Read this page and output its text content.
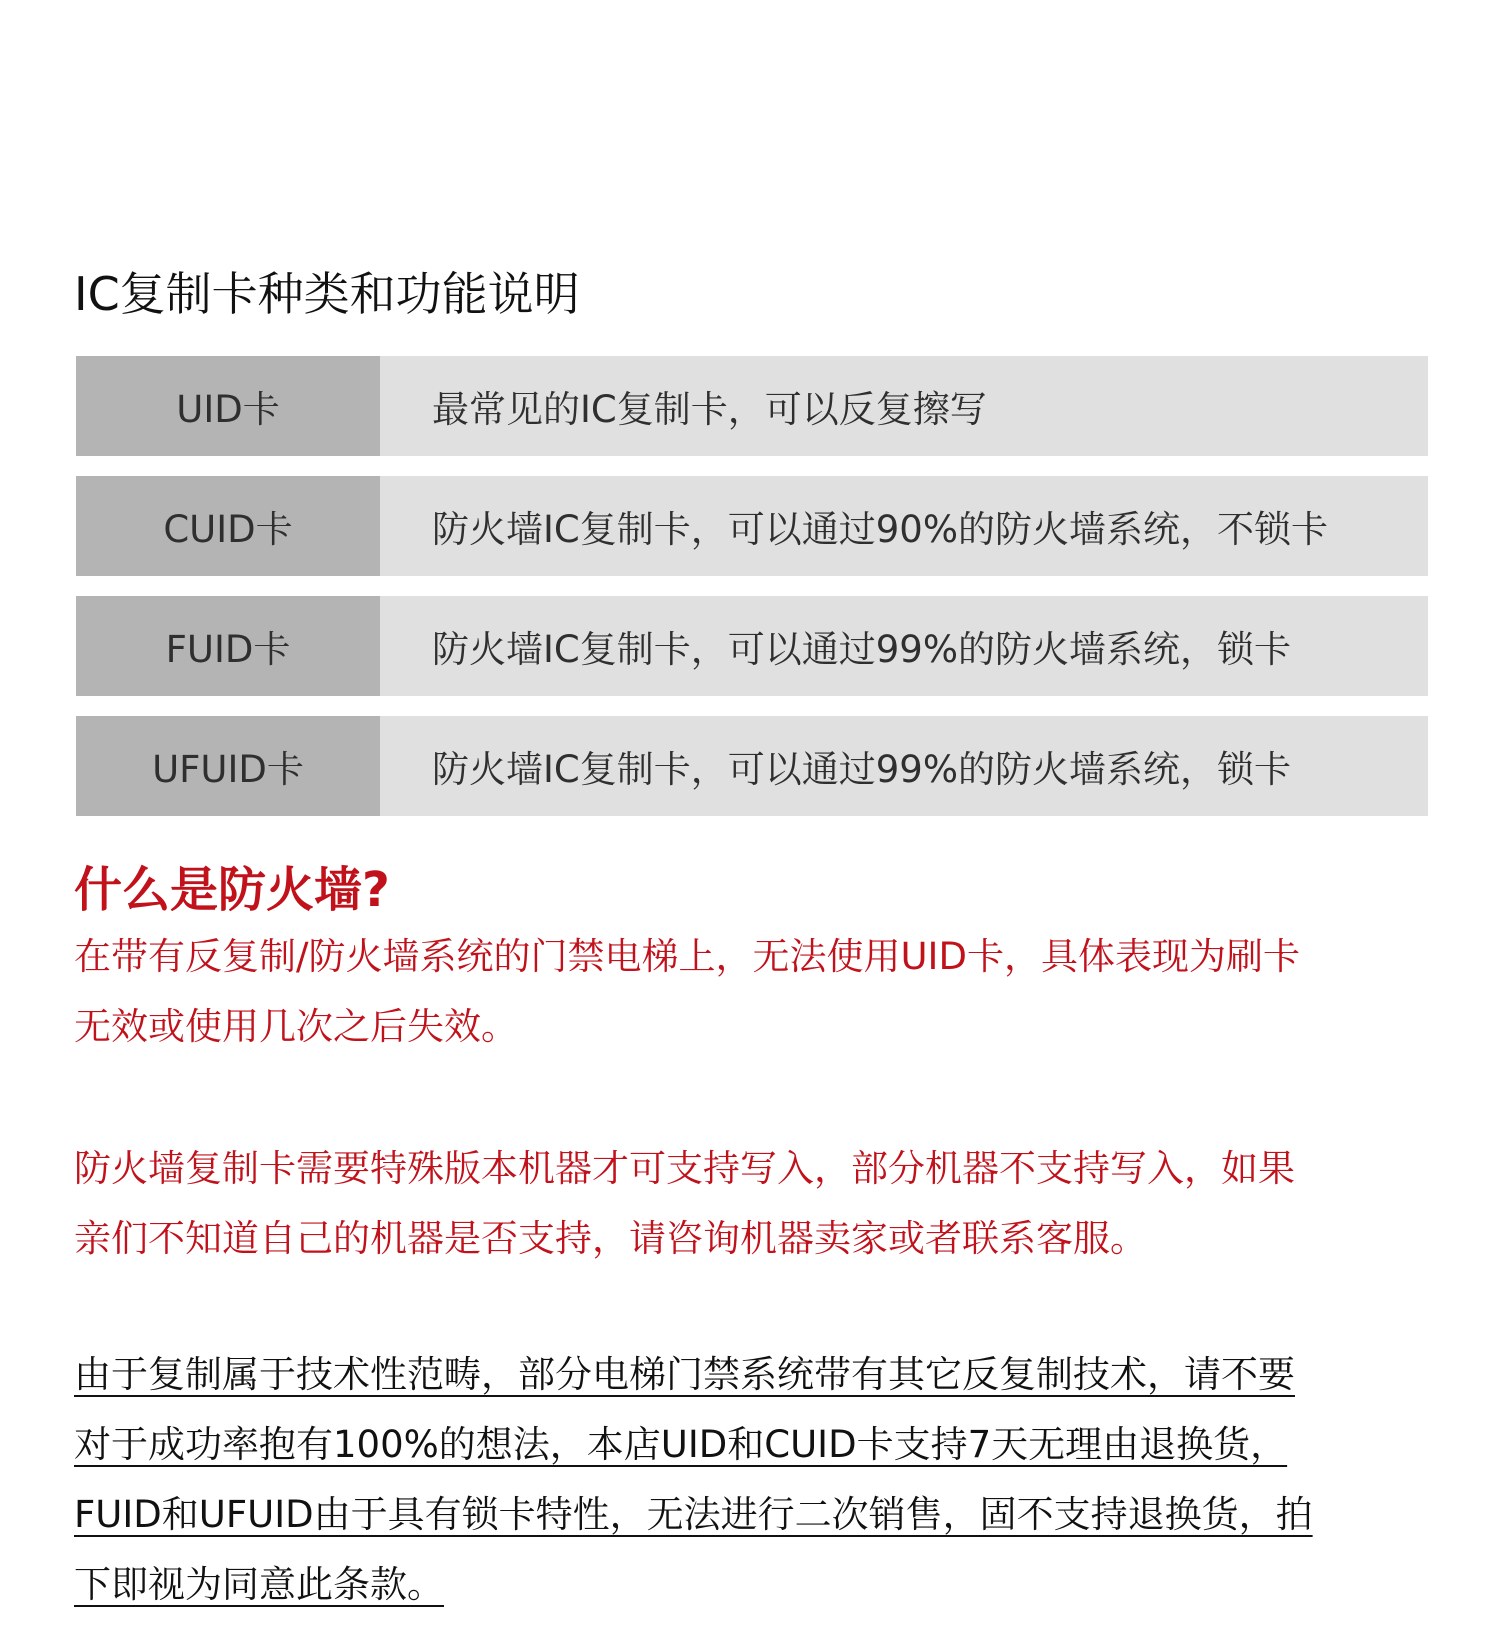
IC复制卡种类和功能说明
UID卡	最常见的IC复制卡，可以反复擦写
CUID卡	防火墙IC复制卡，可以通过90%的防火墙系统，不锁卡
FUID卡	防火墙IC复制卡，可以通过99%的防火墙系统，锁卡
UFUID卡	防火墙IC复制卡，可以通过99%的防火墙系统，锁卡
什么是防火墙?
在带有反复制/防火墙系统的门禁电梯上，无法使用UID卡，具体表现为刷卡
无效或使用几次之后失效。
防火墙复制卡需要特殊版本机器才可支持写入，部分机器不支持写入，如果
亲们不知道自己的机器是否支持，请咨询机器卖家或者联系客服。
由于复制属于技术性范畴，部分电梯门禁系统带有其它反复制技术，请不要
对于成功率抱有100%的想法，本店UID和CUID卡支持7天无理由退换货，
FUID和UFUID由于具有锁卡特性，无法进行二次销售，固不支持退换货，拍
下即视为同意此条款。
